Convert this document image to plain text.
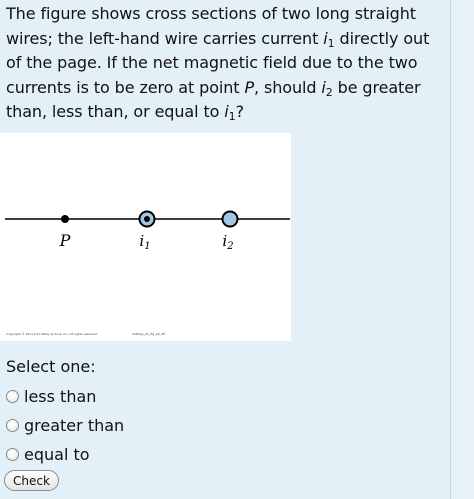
The figure shows cross sections of two long straight wires; the left-hand wire carries current $i_1$ directly out of the page. If the net magnetic field due to the two currents is to be zero at point P, should $i_2$ be greater than, less than, or equal to $i_1$?
P	$i_1$	$i_2$
Copyright © 2011 John Wiley & Sons, Inc. All rights reserved.	halliday_9e_fig_29_38
Select one:
less than
greater than
equal to
Check
